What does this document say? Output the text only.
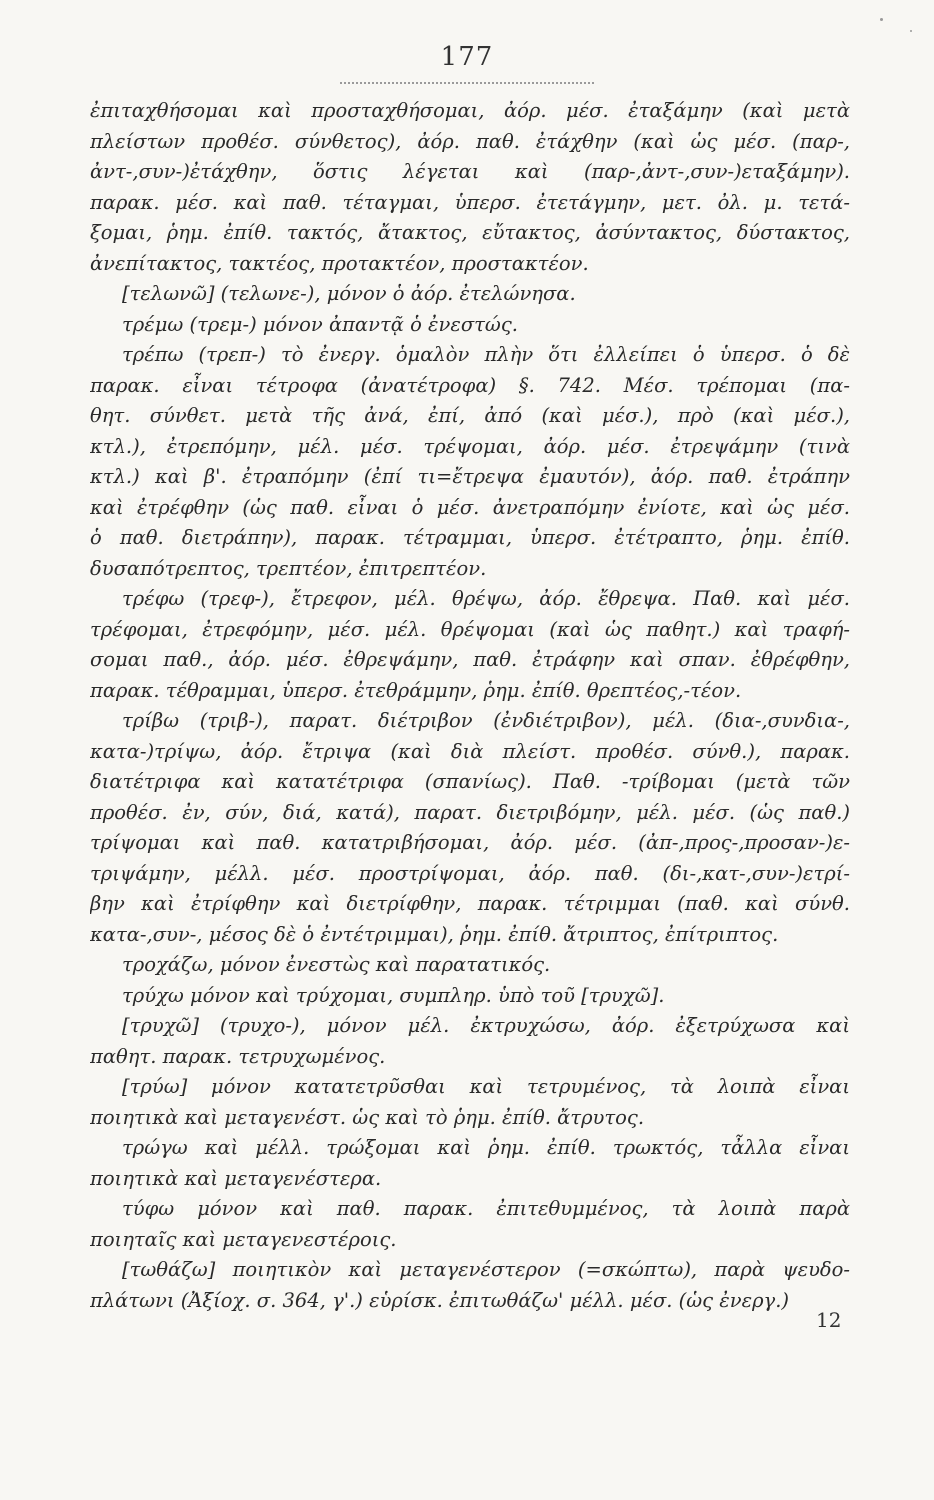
177
ἐπιταχθήσομαι καὶ προσταχθήσομαι, ἀόρ. μέσ. ἐταξάμην (καὶ μετὰ
πλείστων προθέσ. σύνθετος), ἀόρ. παθ. ἐτάχθην (καὶ ὡς μέσ. (παρ-,
ἀντ-,συν-)ἐτάχθην, ὅστις λέγεται καὶ (παρ-,ἀντ-,συν-)εταξάμην).
παρακ. μέσ. καὶ παθ. τέταγμαι, ὑπερσ. ἐτετάγμην, μετ. ὀλ. μ. τετά-
ξομαι, ῥημ. ἐπίθ. τακτός, ἄτακτος, εὔτακτος, ἀσύντακτος, δύστακτος,
ἀνεπίτακτος, τακτέος, προτακτέον, προστακτέον.
[τελωνῶ] (τελωνε-), μόνον ὁ ἀόρ. ἐτελώνησα.
τρέμω (τρεμ-) μόνον ἀπαντᾷ ὁ ἐνεστώς.
τρέπω (τρεπ-) τὸ ἐνεργ. ὁμαλὸν πλὴν ὅτι ἐλλείπει ὁ ὑπερσ. ὁ δὲ
παρακ. εἶναι τέτροφα (ἀνατέτροφα) §. 742. Μέσ. τρέπομαι (πα-
θητ. σύνθετ. μετὰ τῆς ἀνά, ἐπί, ἀπό (καὶ μέσ.), πρὸ (καὶ μέσ.),
κτλ.), ἐτρεπόμην, μέλ. μέσ. τρέψομαι, ἀόρ. μέσ. ἐτρεψάμην (τινὰ
κτλ.) καὶ β'. ἐτραπόμην (ἐπί τι=ἔτρεψα ἐμαυτόν), ἀόρ. παθ. ἐτράπην
καὶ ἐτρέφθην (ὡς παθ. εἶναι ὁ μέσ. ἀνετραπόμην ἐνίοτε, καὶ ὡς μέσ.
ὁ παθ. διετράπην), παρακ. τέτραμμαι, ὑπερσ. ἐτέτραπτο, ῥημ. ἐπίθ.
δυσαπότρεπτος, τρεπτέον, ἐπιτρεπτέον.
τρέφω (τρεφ-), ἔτρεφον, μέλ. θρέψω, ἀόρ. ἔθρεψα. Παθ. καὶ μέσ.
τρέφομαι, ἐτρεφόμην, μέσ. μέλ. θρέψομαι (καὶ ὡς παθητ.) καὶ τραφή-
σομαι παθ., ἀόρ. μέσ. ἐθρεψάμην, παθ. ἐτράφην καὶ σπαν. ἐθρέφθην,
παρακ. τέθραμμαι, ὑπερσ. ἐτεθράμμην, ῥημ. ἐπίθ. θρεπτέος,-τέον.
τρίβω (τριβ-), παρατ. διέτριβον (ἐνδιέτριβον), μέλ. (δια-,συνδια-,
κατα-)τρίψω, ἀόρ. ἔτριψα (καὶ διὰ πλείστ. προθέσ. σύνθ.), παρακ.
διατέτριφα καὶ κατατέτριφα (σπανίως). Παθ. -τρίβομαι (μετὰ τῶν
προθέσ. ἐν, σύν, διά, κατά), παρατ. διετριβόμην, μέλ. μέσ. (ὡς παθ.)
τρίψομαι καὶ παθ. κατατριβήσομαι, ἀόρ. μέσ. (ἀπ-,προς-,προσαν-)ε-
τριψάμην, μέλλ. μέσ. προστρίψομαι, ἀόρ. παθ. (δι-,κατ-,συν-)ετρί-
βην καὶ ἐτρίφθην καὶ διετρίφθην, παρακ. τέτριμμαι (παθ. καὶ σύνθ.
κατα-,συν-, μέσος δὲ ὁ ἐντέτριμμαι), ῥημ. ἐπίθ. ἄτριπτος, ἐπίτριπτος.
τροχάζω, μόνον ἐνεστὼς καὶ παρατατικός.
τρύχω μόνον καὶ τρύχομαι, συμπληρ. ὑπὸ τοῦ [τρυχῶ].
[τρυχῶ] (τρυχο-), μόνον μέλ. ἐκτρυχώσω, ἀόρ. ἐξετρύχωσα καὶ
παθητ. παρακ. τετρυχωμένος.
[τρύω] μόνον κατατετρῦσθαι καὶ τετρυμένος, τὰ λοιπὰ εἶναι
ποιητικὰ καὶ μεταγενέστ. ὡς καὶ τὸ ῥημ. ἐπίθ. ἄτρυτος.
τρώγω καὶ μέλλ. τρώξομαι καὶ ῥημ. ἐπίθ. τρωκτός, τἆλλα εἶναι
ποιητικὰ καὶ μεταγενέστερα.
τύφω μόνον καὶ παθ. παρακ. ἐπιτεθυμμένος, τὰ λοιπὰ παρὰ
ποιηταῖς καὶ μεταγενεστέροις.
[τωθάζω] ποιητικὸν καὶ μεταγενέστερον (=σκώπτω), παρὰ ψευδο-
πλάτωνι (Ἀξίοχ. σ. 364, γ'.) εὑρίσκ. ἐπιτωθάζω' μέλλ. μέσ. (ὡς ἐνεργ.)
12
